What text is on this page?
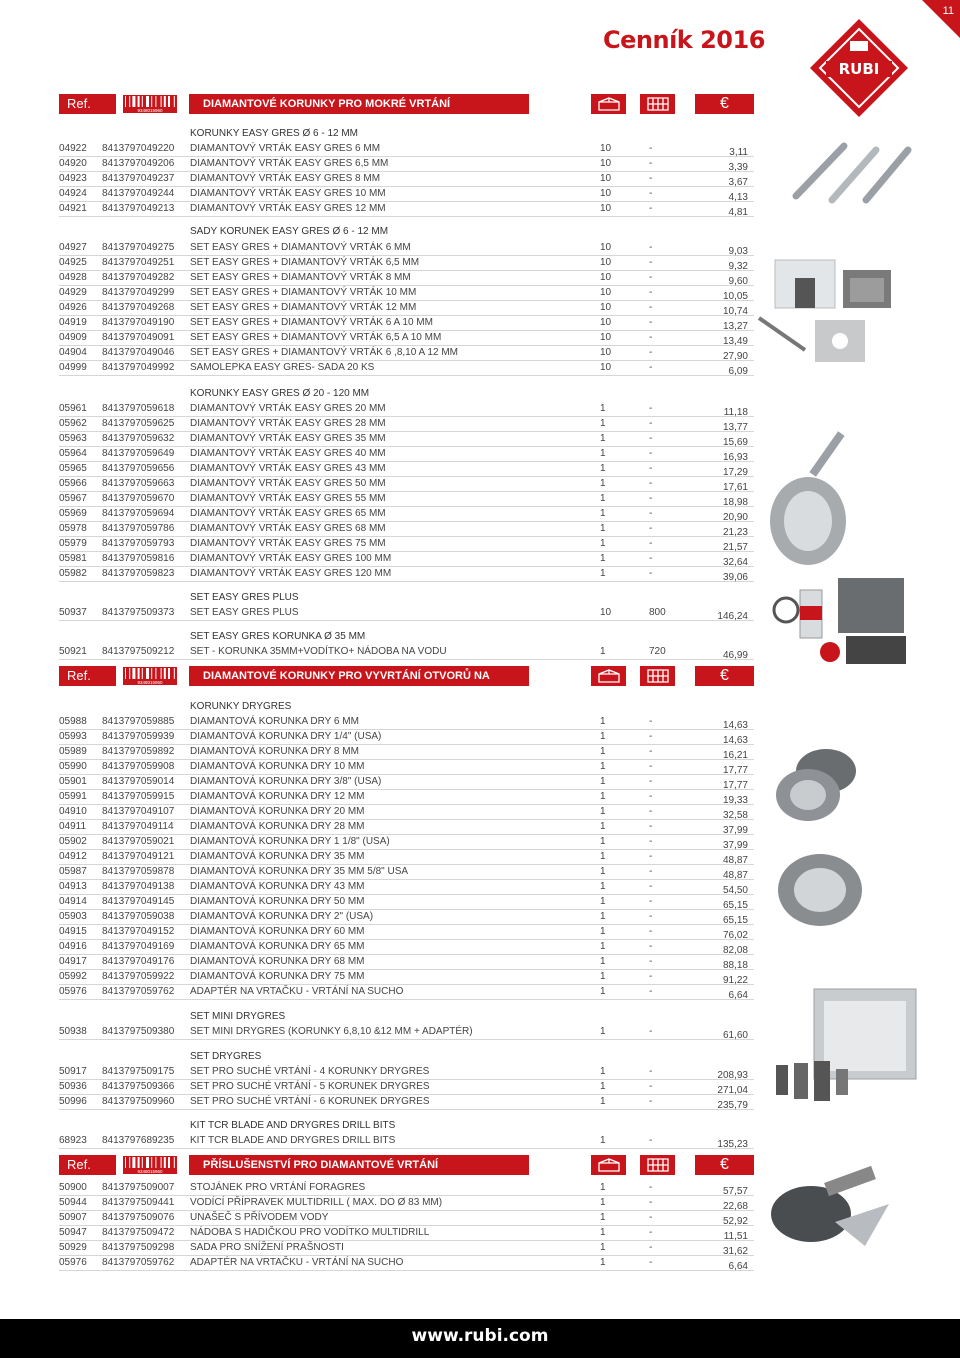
11
Cenník 2016
RUBI
Ref.	9348015960
DIAMANTOVÉ KORUNKY PRO MOKRÉ VRTÁNÍ	€
KORUNKY EASY GRES Ø 6 - 12 MM
04922 8413797049220 DIAMANTOVÝ VRTÁK EASY GRES 6 MM	10	-	3,11
04920 8413797049206 DIAMANTOVÝ VRTÁK EASY GRES 6,5 MM	10	-	3,39
04923 8413797049237 DIAMANTOVÝ VRTÁK EASY GRES 8 MM	10	-	3,67
04924 8413797049244 DIAMANTOVÝ VRTÁK EASY GRES 10 MM	10	-	4,13
04921 8413797049213 DIAMANTOVÝ VRTÁK EASY GRES 12 MM	10	-	4,81
SADY KORUNEK EASY GRES Ø 6 - 12 MM
04927 8413797049275 SET EASY GRES + DIAMANTOVÝ VRTÁK 6 MM	10	-	9,03
04925 8413797049251 SET EASY GRES + DIAMANTOVÝ VRTÁK 6,5 MM	10	-	9,32
04928 8413797049282 SET EASY GRES + DIAMANTOVÝ VRTÁK 8 MM	10	-	9,60
04929 8413797049299 SET EASY GRES + DIAMANTOVÝ VRTÁK 10 MM	10	-	10,05
04926 8413797049268 SET EASY GRES + DIAMANTOVÝ VRTÁK 12 MM	10	-	10,74
04919 8413797049190 SET EASY GRES + DIAMANTOVÝ VRTÁK 6 A 10 MM	10	-	13,27
04909 8413797049091 SET EASY GRES + DIAMANTOVÝ VRTÁK 6,5 A 10 MM	10	-	13,49
04904 8413797049046 SET EASY GRES + DIAMANTOVÝ VRTÁK 6 ,8,10 A 12 MM	10	-	27,90
04999 8413797049992 SAMOLEPKA EASY GRES- SADA 20 KS	10	-	6,09
KORUNKY EASY GRES Ø 20 - 120 MM
05961 8413797059618 DIAMANTOVÝ VRTÁK EASY GRES 20 MM	1	-	11,18
05962 8413797059625 DIAMANTOVÝ VRTÁK EASY GRES 28 MM	1	-	13,77
05963 8413797059632 DIAMANTOVÝ VRTÁK EASY GRES 35 MM	1	-	15,69
05964 8413797059649 DIAMANTOVÝ VRTÁK EASY GRES 40 MM	1	-	16,93
05965 8413797059656 DIAMANTOVÝ VRTÁK EASY GRES 43 MM	1	-	17,29
05966 8413797059663 DIAMANTOVÝ VRTÁK EASY GRES 50 MM	1	-	17,61
05967 8413797059670 DIAMANTOVÝ VRTÁK EASY GRES 55 MM	1	-	18,98
05969 8413797059694 DIAMANTOVÝ VRTÁK EASY GRES 65 MM	1	-	20,90
05978 8413797059786 DIAMANTOVÝ VRTÁK EASY GRES 68 MM	1	-	21,23
05979 8413797059793 DIAMANTOVÝ VRTÁK EASY GRES 75 MM	1	-	21,57
05981 8413797059816 DIAMANTOVÝ VRTÁK EASY GRES 100 MM	1	-	32,64
05982 8413797059823 DIAMANTOVÝ VRTÁK EASY GRES 120 MM	1	-	39,06
SET EASY GRES PLUS
50937 8413797509373 SET EASY GRES PLUS	10	800	146,24
SET EASY GRES KORUNKA Ø 35 MM
50921 8413797509212 SET - KORUNKA 35MM+VODÍTKO+ NÁDOBA NA VODU	1	720	46,99
Ref.	9348015960
DIAMANTOVÉ KORUNKY PRO VYVRTÁNÍ OTVORŮ NA SUCHO
€
KORUNKY DRYGRES
05988 8413797059885 DIAMANTOVÁ KORUNKA DRY 6 MM	1	-	14,63
05993 8413797059939 DIAMANTOVÁ KORUNKA DRY 1/4" (USA)	1	-	14,63
05989 8413797059892 DIAMANTOVÁ KORUNKA DRY 8 MM	1	-	16,21
05990 8413797059908 DIAMANTOVÁ KORUNKA DRY 10 MM	1	-	17,77
05901 8413797059014 DIAMANTOVÁ KORUNKA DRY 3/8" (USA)	1	-	17,77
05991 8413797059915 DIAMANTOVÁ KORUNKA DRY 12 MM	1	-	19,33
04910 8413797049107 DIAMANTOVÁ KORUNKA DRY 20 MM	1	-	32,58
04911 8413797049114 DIAMANTOVÁ KORUNKA DRY 28 MM	1	-	37,99
05902 8413797059021 DIAMANTOVÁ KORUNKA DRY 1 1/8" (USA)	1	-	37,99
04912 8413797049121 DIAMANTOVÁ KORUNKA DRY 35 MM	1	-	48,87
05987 8413797059878 DIAMANTOVÁ KORUNKA DRY 35 MM 5/8" USA	1	-	48,87
04913 8413797049138 DIAMANTOVÁ KORUNKA DRY 43 MM	1	-	54,50
04914 8413797049145 DIAMANTOVÁ KORUNKA DRY 50 MM	1	-	65,15
05903 8413797059038 DIAMANTOVÁ KORUNKA DRY 2" (USA)	1	-	65,15
04915 8413797049152 DIAMANTOVÁ KORUNKA DRY 60 MM	1	-	76,02
04916 8413797049169 DIAMANTOVÁ KORUNKA DRY 65 MM	1	-	82,08
04917 8413797049176 DIAMANTOVÁ KORUNKA DRY 68 MM	1	-	88,18
05992 8413797059922 DIAMANTOVÁ KORUNKA DRY 75 MM	1	-	91,22
05976 8413797059762 ADAPTÉR NA VRTAČKU - VRTÁNÍ NA SUCHO	1	-	6,64
SET MINI DRYGRES
50938 8413797509380 SET MINI DRYGRES (KORUNKY 6,8,10 &12 MM + ADAPTÉR)	1	-	61,60
SET DRYGRES
50917 8413797509175 SET PRO SUCHÉ VRTÁNÍ - 4 KORUNKY DRYGRES	1	-	208,93
50936 8413797509366 SET PRO SUCHÉ VRTÁNÍ - 5 KORUNEK DRYGRES	1	-	271,04
50996 8413797509960 SET PRO SUCHÉ VRTÁNÍ - 6 KORUNEK DRYGRES	1	-	235,79
KIT TCR BLADE AND DRYGRES DRILL BITS
68923 8413797689235 KIT TCR BLADE AND DRYGRES DRILL BITS	1	-	135,23
Ref.	9348015960
PŘÍSLUŠENSTVÍ PRO DIAMANTOVÉ VRTÁNÍ	€
50900 8413797509007 STOJÁNEK PRO VRTÁNÍ FORAGRES	1	-	57,57
50944 8413797509441 VODÍCÍ PŘÍPRAVEK MULTIDRILL ( MAX. DO Ø 83 MM)	1	-	22,68
50907 8413797509076 UNAŠEČ S PŘÍVODEM VODY	1	-	52,92
50947 8413797509472 NÁDOBA S HADIČKOU PRO VODÍTKO MULTIDRILL	1	-	11,51
50929 8413797509298 SADA PRO SNÍŽENÍ PRAŠNOSTI	1	-	31,62
05976 8413797059762 ADAPTÉR NA VRTAČKU - VRTÁNÍ NA SUCHO	1	-	6,64
www.rubi.com
